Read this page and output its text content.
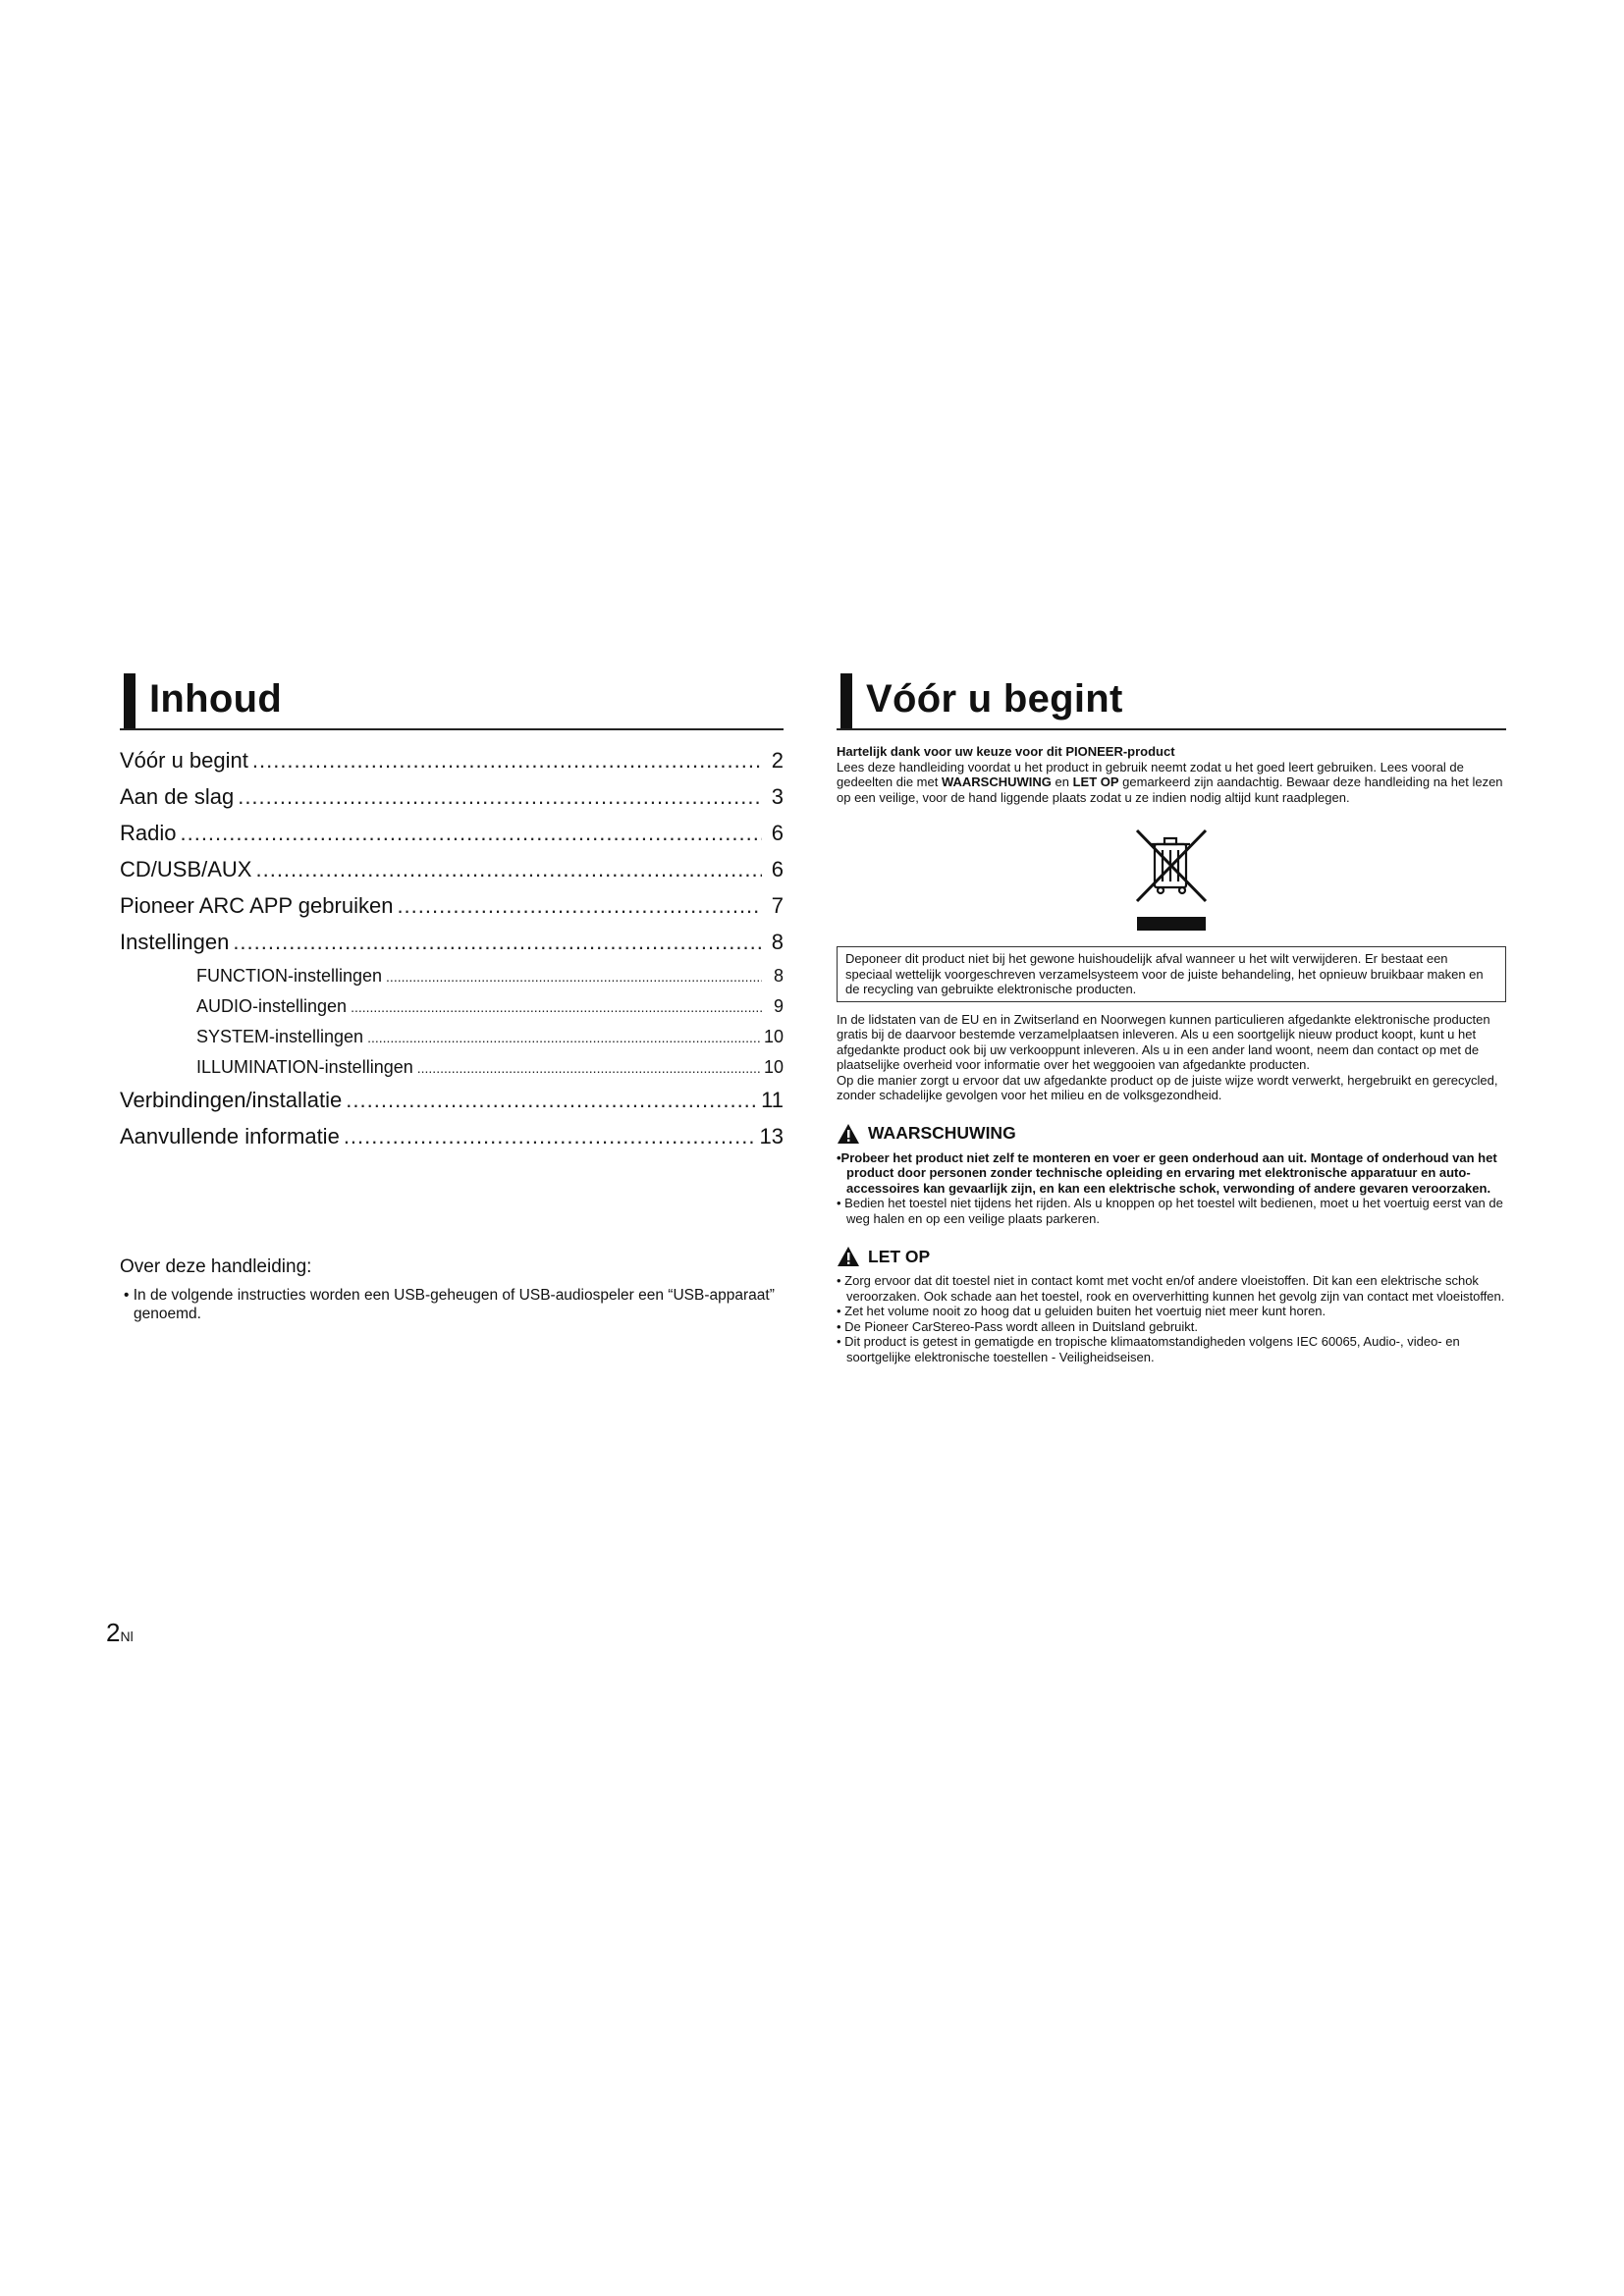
Inhoud
Vóór u begint .....	2
Aan de slag .....	3
Radio .....	6
CD/USB/AUX .....	6
Pioneer ARC APP gebruiken .....	7
Instellingen .....	8
FUNCTION-instellingen .....	8
AUDIO-instellingen .....	9
SYSTEM-instellingen .....	10
ILLUMINATION-instellingen .....	10
Verbindingen/installatie .....	11
Aanvullende informatie .....	13
Over deze handleiding:

• In de volgende instructies worden een USB-geheugen of USB-audiospeler een “USB-apparaat” genoemd.

Vóór u begint

Hartelijk dank voor uw keuze voor dit PIONEER-product

Lees deze handleiding voordat u het product in gebruik neemt zodat u het goed leert gebruiken. Lees vooral de gedeelten die met WAARSCHUWING en LET OP gemarkeerd zijn aandachtig. Bewaar deze handleiding na het lezen op een veilige, voor de hand liggende plaats zodat u ze indien nodig altijd kunt raadplegen.

Deponeer dit product niet bij het gewone huishoudelijk afval wanneer u het wilt verwijderen. Er bestaat een speciaal wettelijk voorgeschreven verzamelsysteem voor de juiste behandeling, het opnieuw bruikbaar maken en de recycling van gebruikte elektronische producten.

In de lidstaten van de EU en in Zwitserland en Noorwegen kunnen particulieren afgedankte elektronische producten gratis bij de daarvoor bestemde verzamelplaatsen inleveren. Als u een soortgelijk nieuw product koopt, kunt u het afgedankte product ook bij uw verkooppunt inleveren. Als u in een ander land woont, neem dan contact op met de plaatselijke overheid voor informatie over het weggooien van afgedankte producten.

Op die manier zorgt u ervoor dat uw afgedankte product op de juiste wijze wordt verwerkt, hergebruikt en gerecycled, zonder schadelijke gevolgen voor het milieu en de volksgezondheid.

WAARSCHUWING

•Probeer het product niet zelf te monteren en voer er geen onderhoud aan uit. Montage of onderhoud van het product door personen zonder technische opleiding en ervaring met elektronische apparatuur en auto-accessoires kan gevaarlijk zijn, en kan een elektrische schok, verwonding of andere gevaren veroorzaken.

• Bedien het toestel niet tijdens het rijden. Als u knoppen op het toestel wilt bedienen, moet u het voertuig eerst van de weg halen en op een veilige plaats parkeren.

LET OP

• Zorg ervoor dat dit toestel niet in contact komt met vocht en/of andere vloeistoffen. Dit kan een elektrische schok veroorzaken. Ook schade aan het toestel, rook en oververhitting kunnen het gevolg zijn van contact met vloeistoffen.

• Zet het volume nooit zo hoog dat u geluiden buiten het voertuig niet meer kunt horen.

• De Pioneer CarStereo-Pass wordt alleen in Duitsland gebruikt.

• Dit product is getest in gematigde en tropische klimaatomstandigheden volgens IEC 60065, Audio-, video- en soortgelijke elektronische toestellen - Veiligheidseisen.

2Nl
